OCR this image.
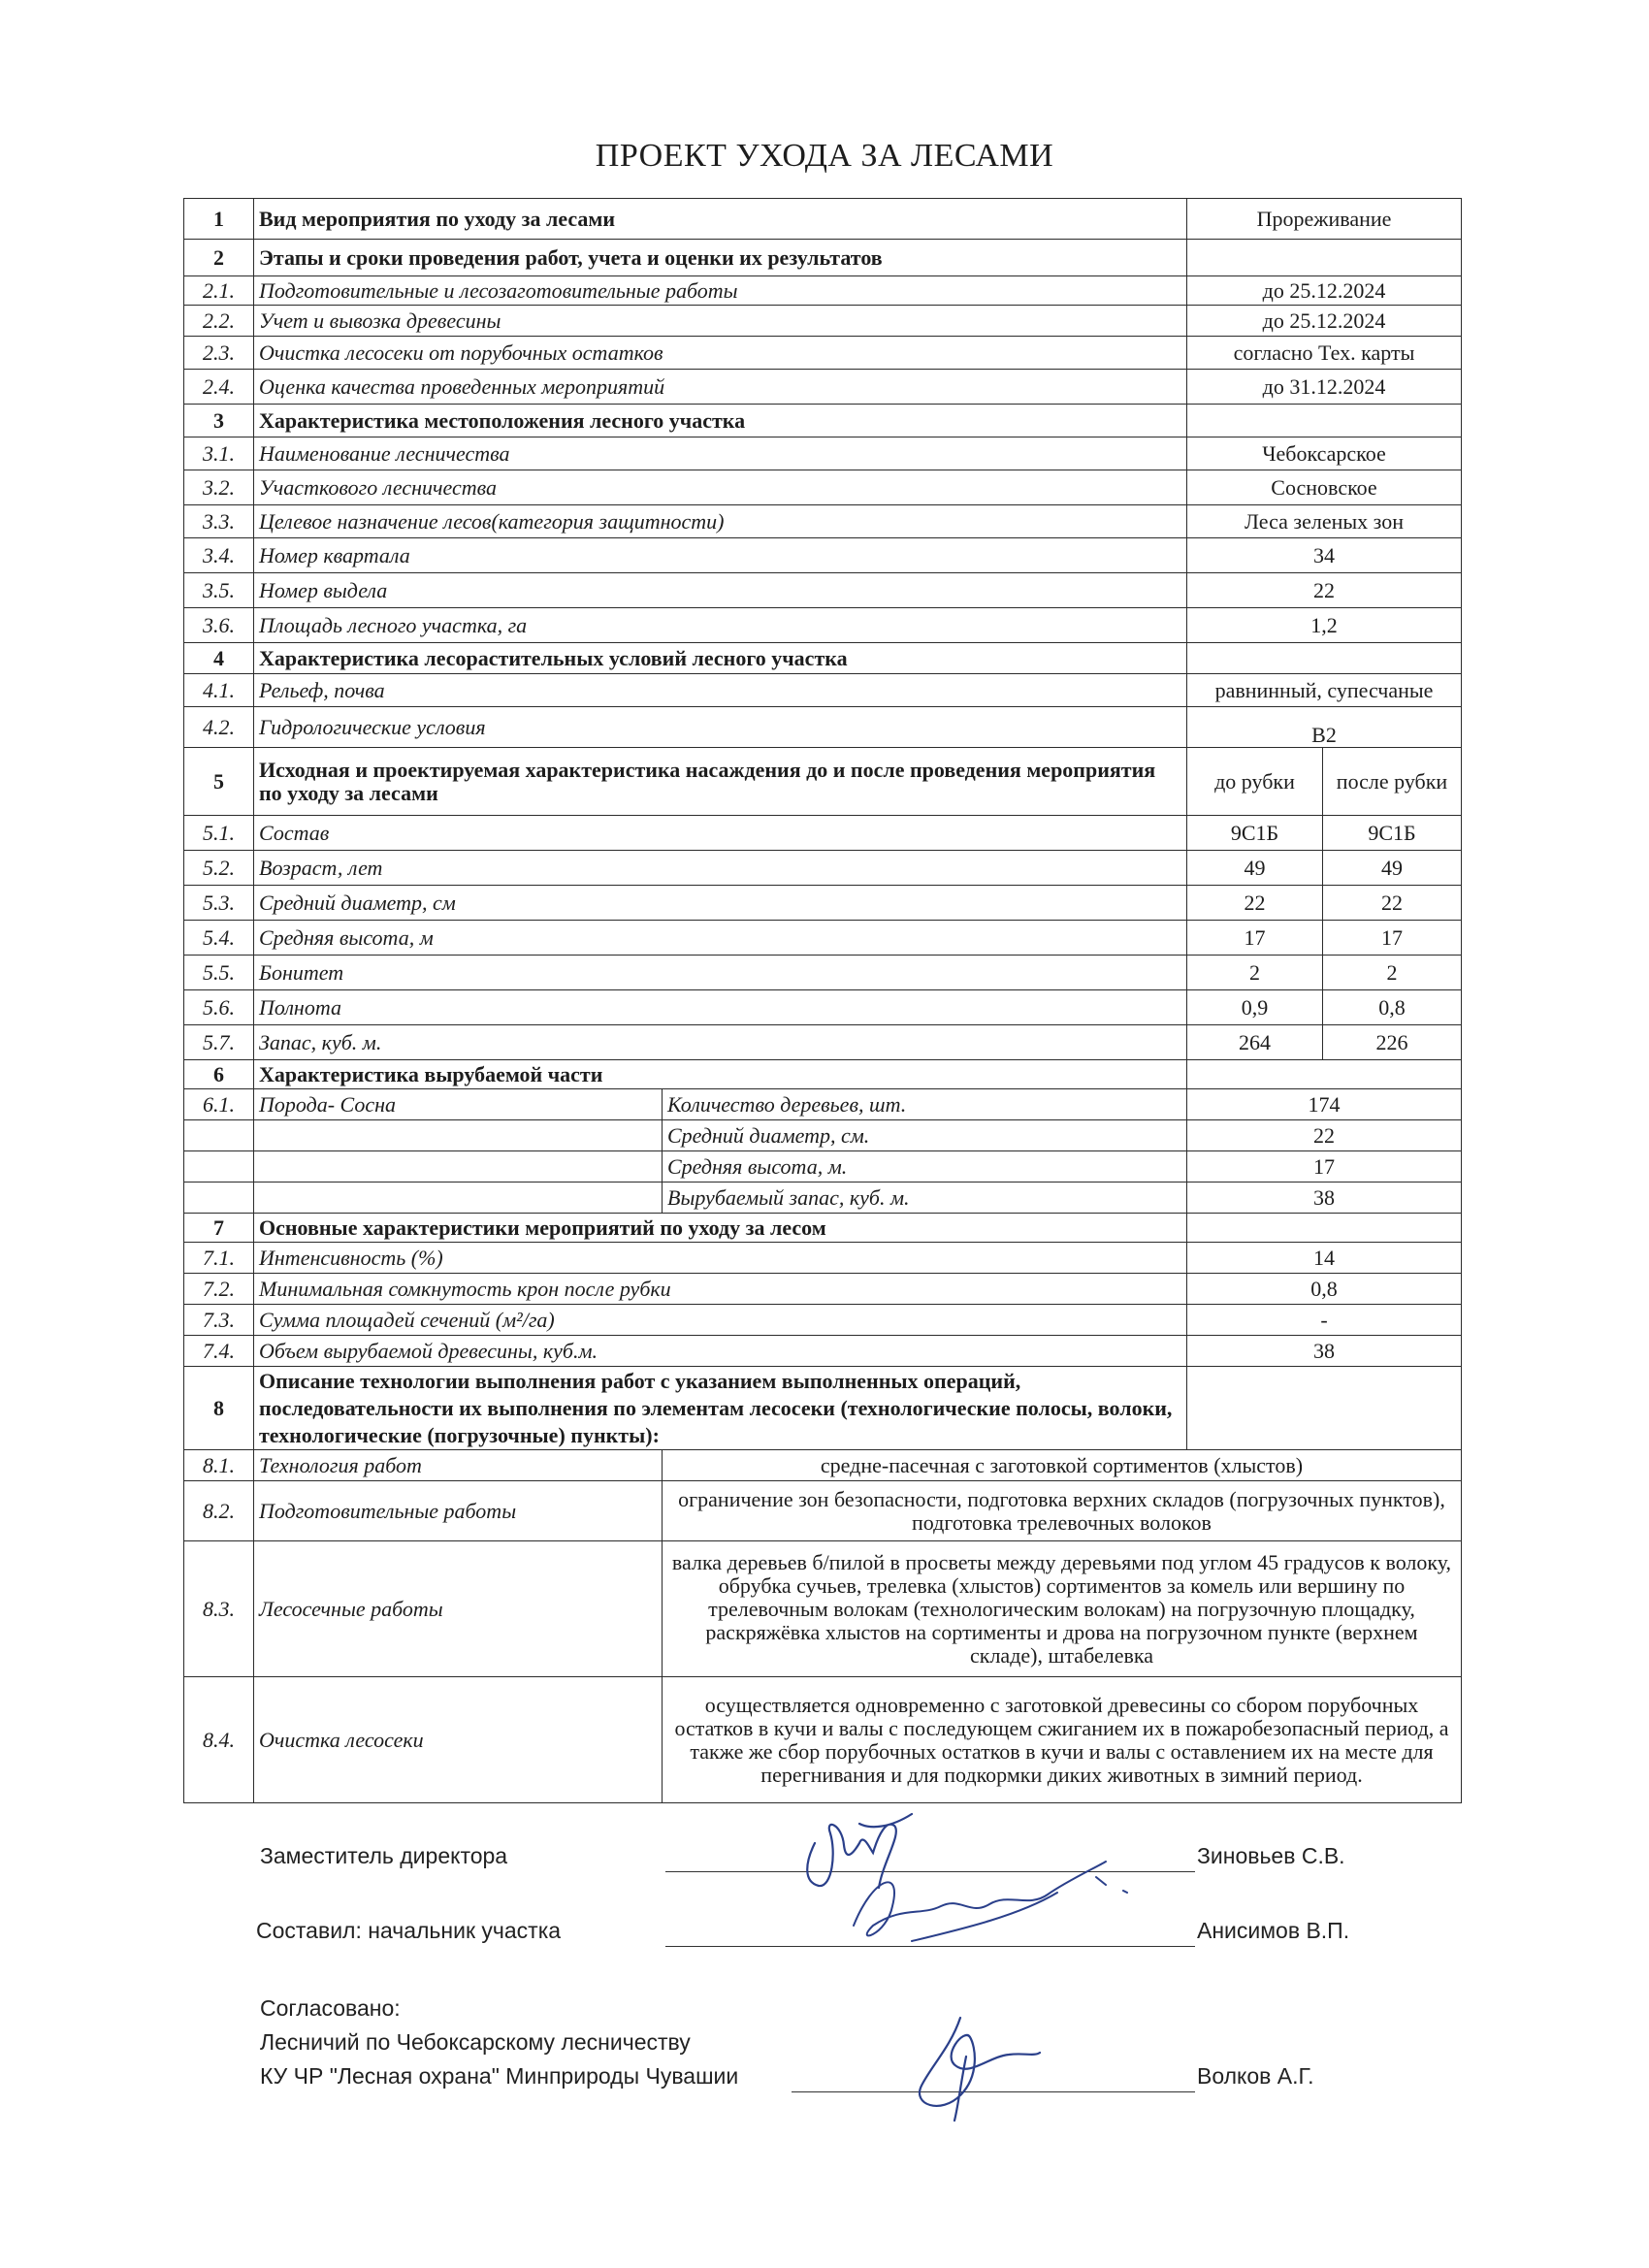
ПРОЕКТ УХОДА ЗА ЛЕСАМИ
1	Вид мероприятия по уходу за лесами		Прореживание	
2	Этапы и сроки проведения работ, учета и оценки их результатов			
2.1.	Подготовительные и лесозаготовительные работы		до 25.12.2024	
2.2.	Учет и вывозка древесины		до 25.12.2024	
2.3.	Очистка лесосеки от порубочных остатков		согласно Тех. карты	
2.4.	Оценка качества проведенных мероприятий		до 31.12.2024	
3	Характеристика местоположения лесного участка			
3.1.	Наименование лесничества		Чебоксарское	
3.2.	Участкового лесничества		Сосновское	
3.3.	Целевое назначение лесов(категория защитности)		Леса зеленых зон	
3.4.	Номер квартала		34	
3.5.	Номер выдела		22	
3.6.	Площадь лесного участка, га		1,2	
4	Характеристика лесорастительных условий лесного участка			
4.1.	Рельеф, почва		равнинный, супесчаные	
4.2.	Гидрологические условия		В2	
5	Исходная и проектируемая характеристика насаждения до и после проведения мероприятия по уходу за лесами		до рубки	после рубки
5.1.	Состав		9С1Б	9С1Б
5.2.	Возраст, лет		49	49
5.3.	Средний диаметр, см		22	22
5.4.	Средняя высота, м		17	17
5.5.	Бонитет		2	2
5.6.	Полнота		0,9	0,8
5.7.	Запас, куб. м.		264	226
6	Характеристика вырубаемой части			
6.1.	Порода- Сосна	Количество деревьев, шт.	174	
		Средний диаметр, см.	22	
		Средняя высота, м.	17	
		Вырубаемый запас, куб. м.	38	
7	Основные характеристики мероприятий по уходу за лесом			
7.1.	Интенсивность (%)		14	
7.2.	Минимальная сомкнутость крон после рубки		0,8	
7.3.	Сумма площадей сечений (м²/га)		-	
7.4.	Объем вырубаемой древесины, куб.м.		38	
8	Описание технологии выполнения работ с указанием выполненных операций, последовательности их выполнения по элементам лесосеки (технологические полосы, волоки, технологические (погрузочные) пункты):			
8.1.	Технология работ	средне-пасечная с заготовкой сортиментов (хлыстов)		
8.2.	Подготовительные работы	ограничение зон безопасности, подготовка верхних складов (погрузочных пунктов), подготовка трелевочных волоков		
8.3.	Лесосечные работы	валка деревьев б/пилой в просветы между деревьями под углом 45 градусов к волоку, обрубка сучьев, трелевка (хлыстов) сортиментов за комель или вершину по трелевочным волокам (технологическим волокам) на погрузочную площадку, раскряжёвка хлыстов на сортименты и дрова на погрузочном пункте (верхнем складе), штабелевка		
8.4.	Очистка лесосеки	осуществляется одновременно с заготовкой древесины со сбором порубочных остатков в кучи и валы с последующем сжиганием их в пожаробезопасный период, а также же сбор порубочных остатков в кучи и валы с оставлением их на месте для перегнивания и для подкормки диких животных в зимний период.		
Заместитель директора	Зиновьев С.В.
Составил: начальник участка	Анисимов В.П.
Согласовано:
Лесничий по Чебоксарскому лесничеству
КУ ЧР "Лесная охрана" Минприроды Чувашии	Волков А.Г.
